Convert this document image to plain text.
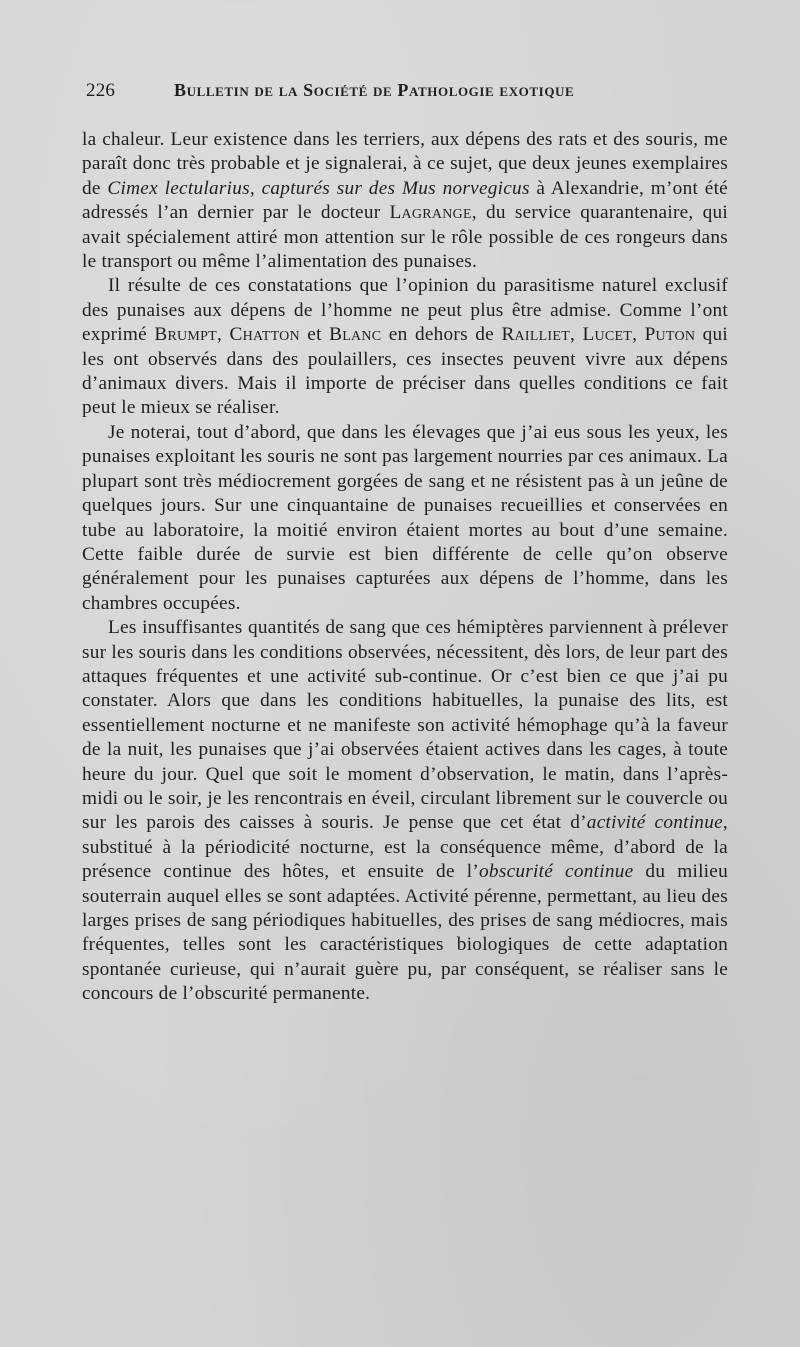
226	Bulletin de la Société de Pathologie exotique

la chaleur. Leur existence dans les terriers, aux dépens des rats et des souris, me paraît donc très probable et je signalerai, à ce sujet, que deux jeunes exemplaires de Cimex lectularius, capturés sur des Mus norvegicus à Alexandrie, m’ont été adressés l’an dernier par le docteur Lagrange, du service quarantenaire, qui avait spécialement attiré mon attention sur le rôle possible de ces rongeurs dans le transport ou même l’alimentation des punaises.

Il résulte de ces constatations que l’opinion du parasitisme naturel exclusif des punaises aux dépens de l’homme ne peut plus être admise. Comme l’ont exprimé Brumpt, Chatton et Blanc en dehors de Railliet, Lucet, Puton qui les ont observés dans des poulaillers, ces insectes peuvent vivre aux dépens d’animaux divers. Mais il importe de préciser dans quelles conditions ce fait peut le mieux se réaliser.

Je noterai, tout d’abord, que dans les élevages que j’ai eus sous les yeux, les punaises exploitant les souris ne sont pas largement nourries par ces animaux. La plupart sont très médiocrement gorgées de sang et ne résistent pas à un jeûne de quelques jours. Sur une cinquantaine de punaises recueillies et conservées en tube au laboratoire, la moitié environ étaient mortes au bout d’une semaine. Cette faible durée de survie est bien différente de celle qu’on observe généralement pour les punaises capturées aux dépens de l’homme, dans les chambres occupées.

Les insuffisantes quantités de sang que ces hémiptères parviennent à prélever sur les souris dans les conditions observées, nécessitent, dès lors, de leur part des attaques fréquentes et une activité sub-continue. Or c’est bien ce que j’ai pu constater. Alors que dans les conditions habituelles, la punaise des lits, est essentiellement nocturne et ne manifeste son activité hémophage qu’à la faveur de la nuit, les punaises que j’ai observées étaient actives dans les cages, à toute heure du jour. Quel que soit le moment d’observation, le matin, dans l’après-midi ou le soir, je les rencontrais en éveil, circulant librement sur le couvercle ou sur les parois des caisses à souris. Je pense que cet état d’activité continue, substitué à la périodicité nocturne, est la conséquence même, d’abord de la présence continue des hôtes, et ensuite de l’obscurité continue du milieu souterrain auquel elles se sont adaptées. Activité pérenne, permettant, au lieu des larges prises de sang périodiques habituelles, des prises de sang médiocres, mais fréquentes, telles sont les caractéristiques biologiques de cette adaptation spontanée curieuse, qui n’aurait guère pu, par conséquent, se réaliser sans le concours de l’obscurité permanente.
